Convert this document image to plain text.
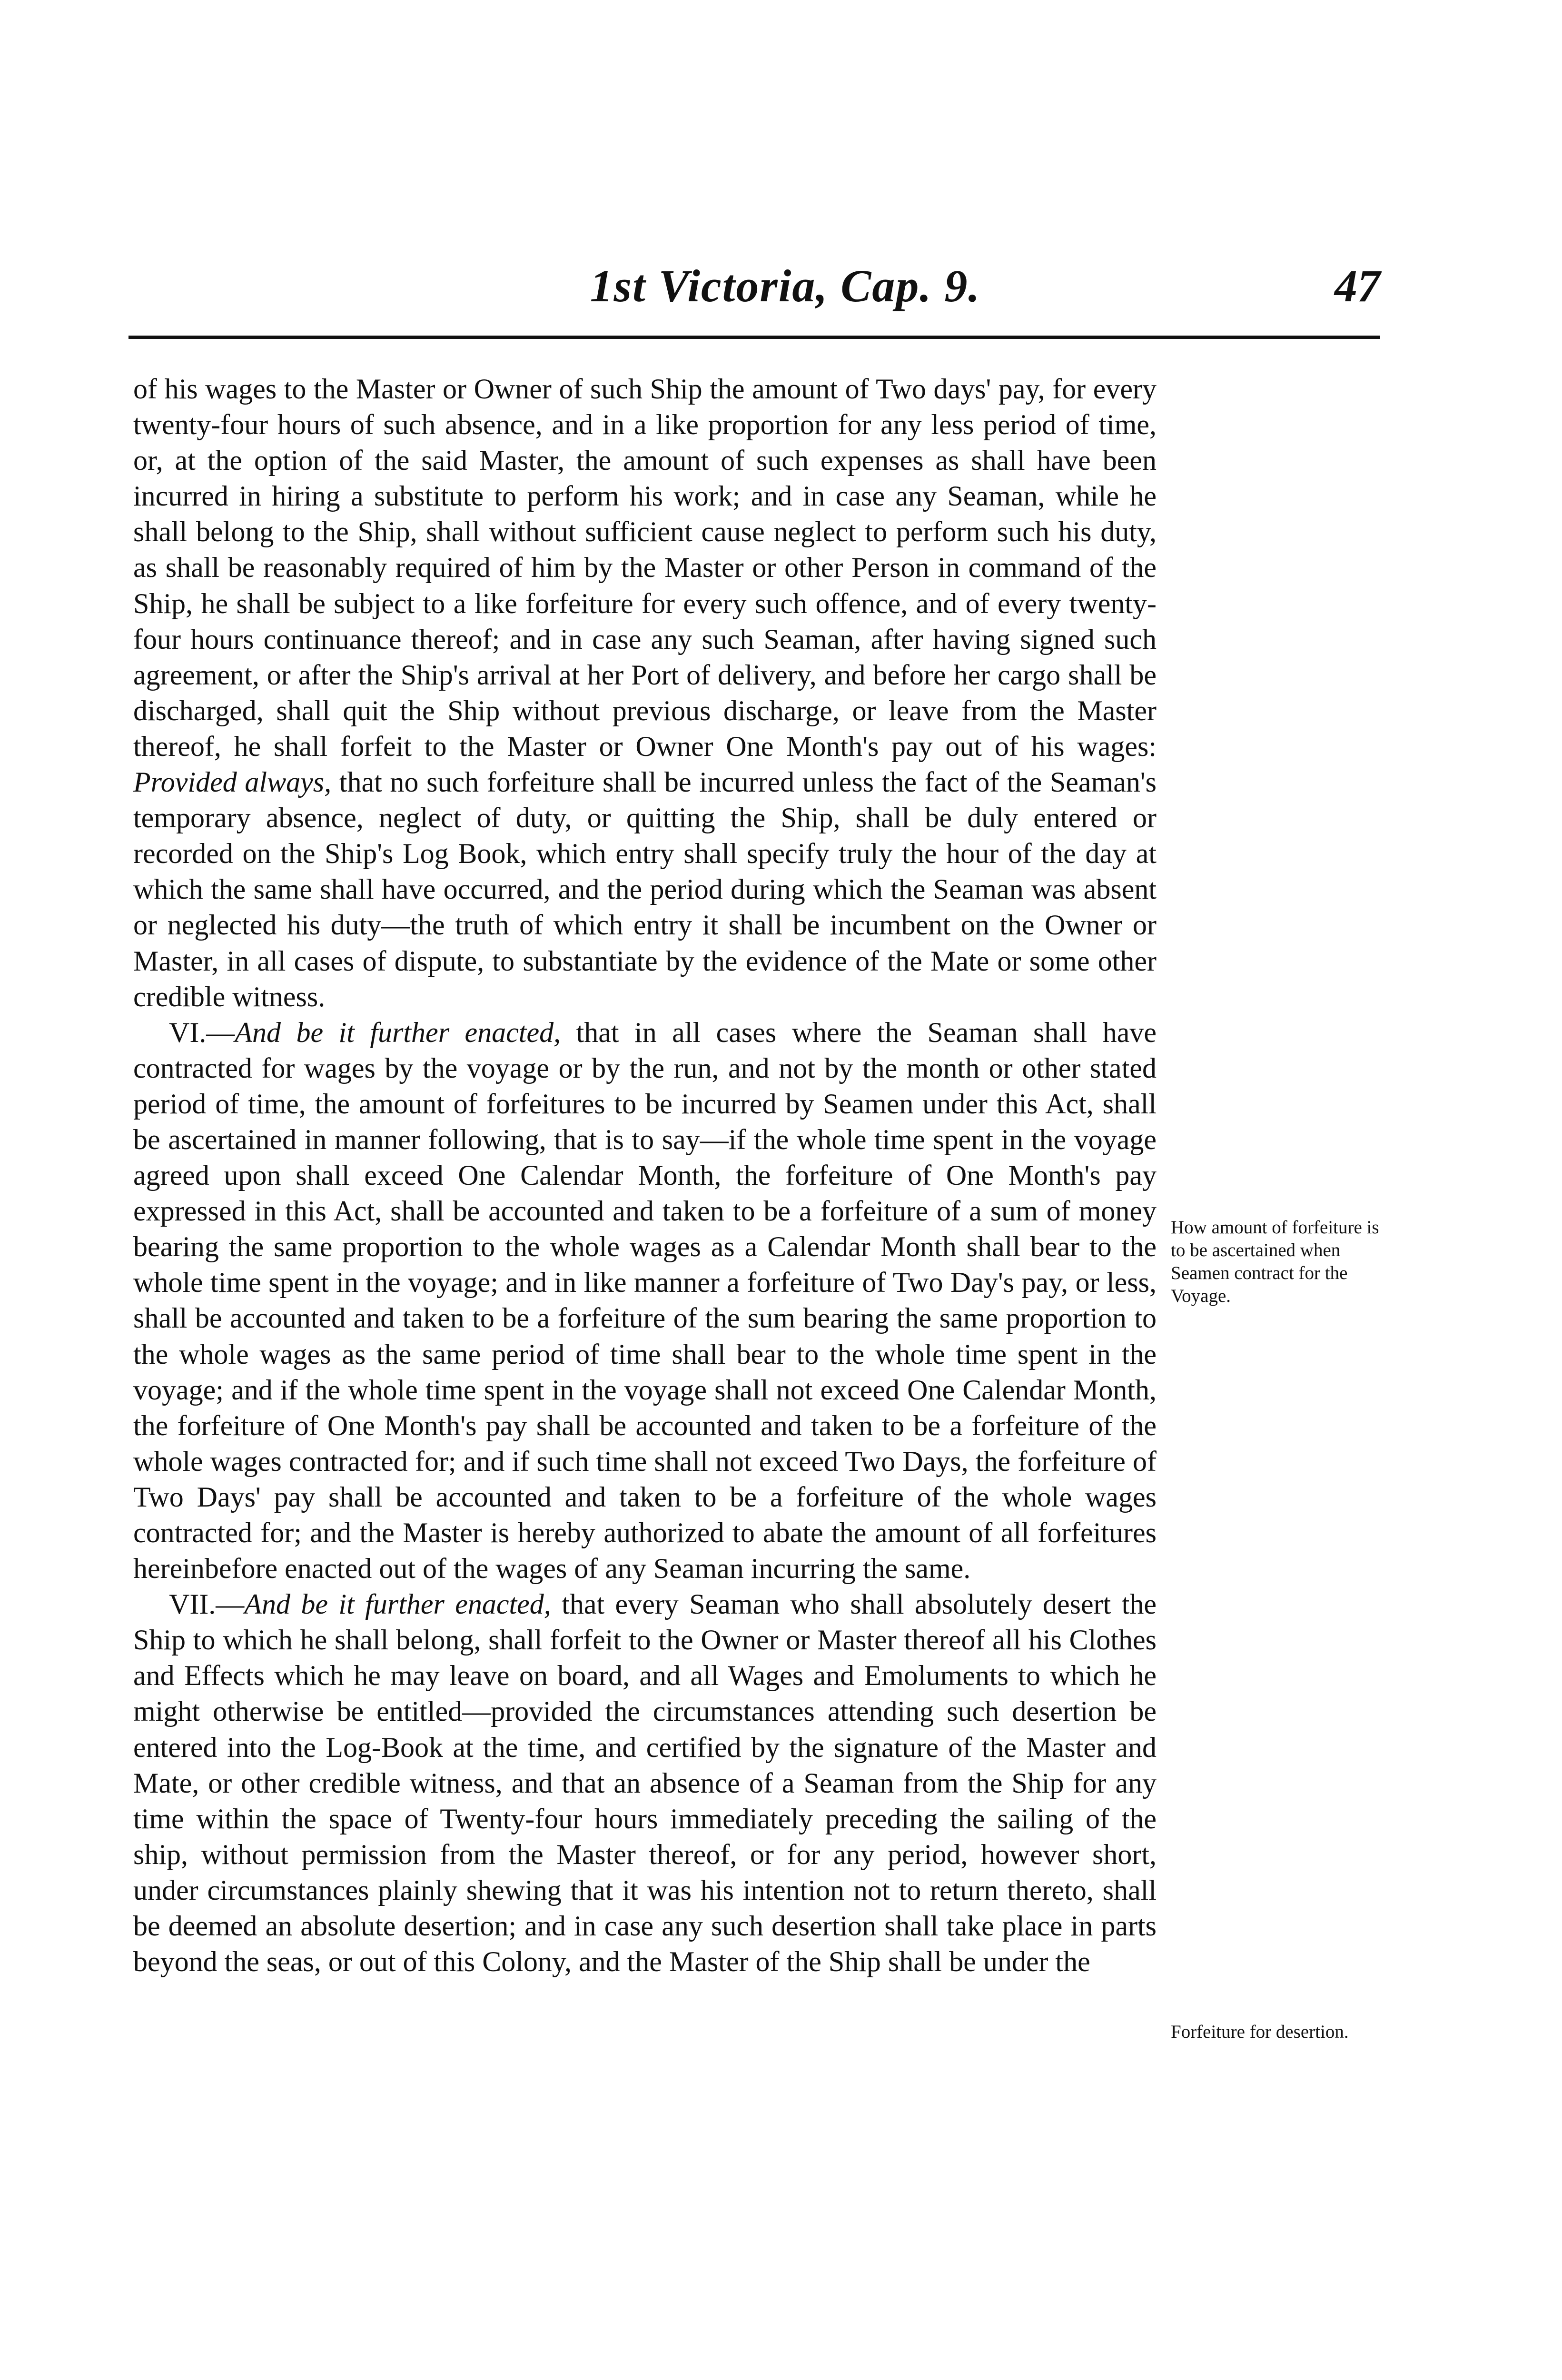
1st Victoria, Cap. 9.	47

of his wages to the Master or Owner of such Ship the amount of Two days' pay, for every twenty-four hours of such absence, and in a like proportion for any less period of time, or, at the option of the said Master, the amount of such expenses as shall have been incurred in hiring a substitute to perform his work; and in case any Seaman, while he shall belong to the Ship, shall without sufficient cause neglect to perform such his duty, as shall be reasonably required of him by the Master or other Person in command of the Ship, he shall be subject to a like forfeiture for every such offence, and of every twenty-four hours continuance thereof; and in case any such Seaman, after having signed such agreement, or after the Ship's arrival at her Port of delivery, and before her cargo shall be discharged, shall quit the Ship without previous discharge, or leave from the Master thereof, he shall forfeit to the Master or Owner One Month's pay out of his wages: Provided always, that no such forfeiture shall be incurred unless the fact of the Seaman's temporary absence, neglect of duty, or quitting the Ship, shall be duly entered or recorded on the Ship's Log Book, which entry shall specify truly the hour of the day at which the same shall have occurred, and the period during which the Seaman was absent or neglected his duty—the truth of which entry it shall be incumbent on the Owner or Master, in all cases of dispute, to substantiate by the evidence of the Mate or some other credible witness.

VI.—And be it further enacted, that in all cases where the Seaman shall have contracted for wages by the voyage or by the run, and not by the month or other stated period of time, the amount of forfeitures to be incurred by Seamen under this Act, shall be ascertained in manner following, that is to say—if the whole time spent in the voyage agreed upon shall exceed One Calendar Month, the forfeiture of One Month's pay expressed in this Act, shall be accounted and taken to be a forfeiture of a sum of money bearing the same proportion to the whole wages as a Calendar Month shall bear to the whole time spent in the voyage; and in like manner a forfeiture of Two Day's pay, or less, shall be accounted and taken to be a forfeiture of the sum bearing the same proportion to the whole wages as the same period of time shall bear to the whole time spent in the voyage; and if the whole time spent in the voyage shall not exceed One Calendar Month, the forfeiture of One Month's pay shall be accounted and taken to be a forfeiture of the whole wages contracted for; and if such time shall not exceed Two Days, the forfeiture of Two Days' pay shall be accounted and taken to be a forfeiture of the whole wages contracted for; and the Master is hereby authorized to abate the amount of all forfeitures hereinbefore enacted out of the wages of any Seaman incurring the same.

VII.—And be it further enacted, that every Seaman who shall absolutely desert the Ship to which he shall belong, shall forfeit to the Owner or Master thereof all his Clothes and Effects which he may leave on board, and all Wages and Emoluments to which he might otherwise be entitled—provided the circumstances attending such desertion be entered into the Log-Book at the time, and certified by the signature of the Master and Mate, or other credible witness, and that an absence of a Seaman from the Ship for any time within the space of Twenty-four hours immediately preceding the sailing of the ship, without permission from the Master thereof, or for any period, however short, under circumstances plainly shewing that it was his intention not to return thereto, shall be deemed an absolute desertion; and in case any such desertion shall take place in parts beyond the seas, or out of this Colony, and the Master of the Ship shall be under the

How amount of forfeiture is to be ascertained when Seamen contract for the Voyage.
Forfeiture for desertion.
